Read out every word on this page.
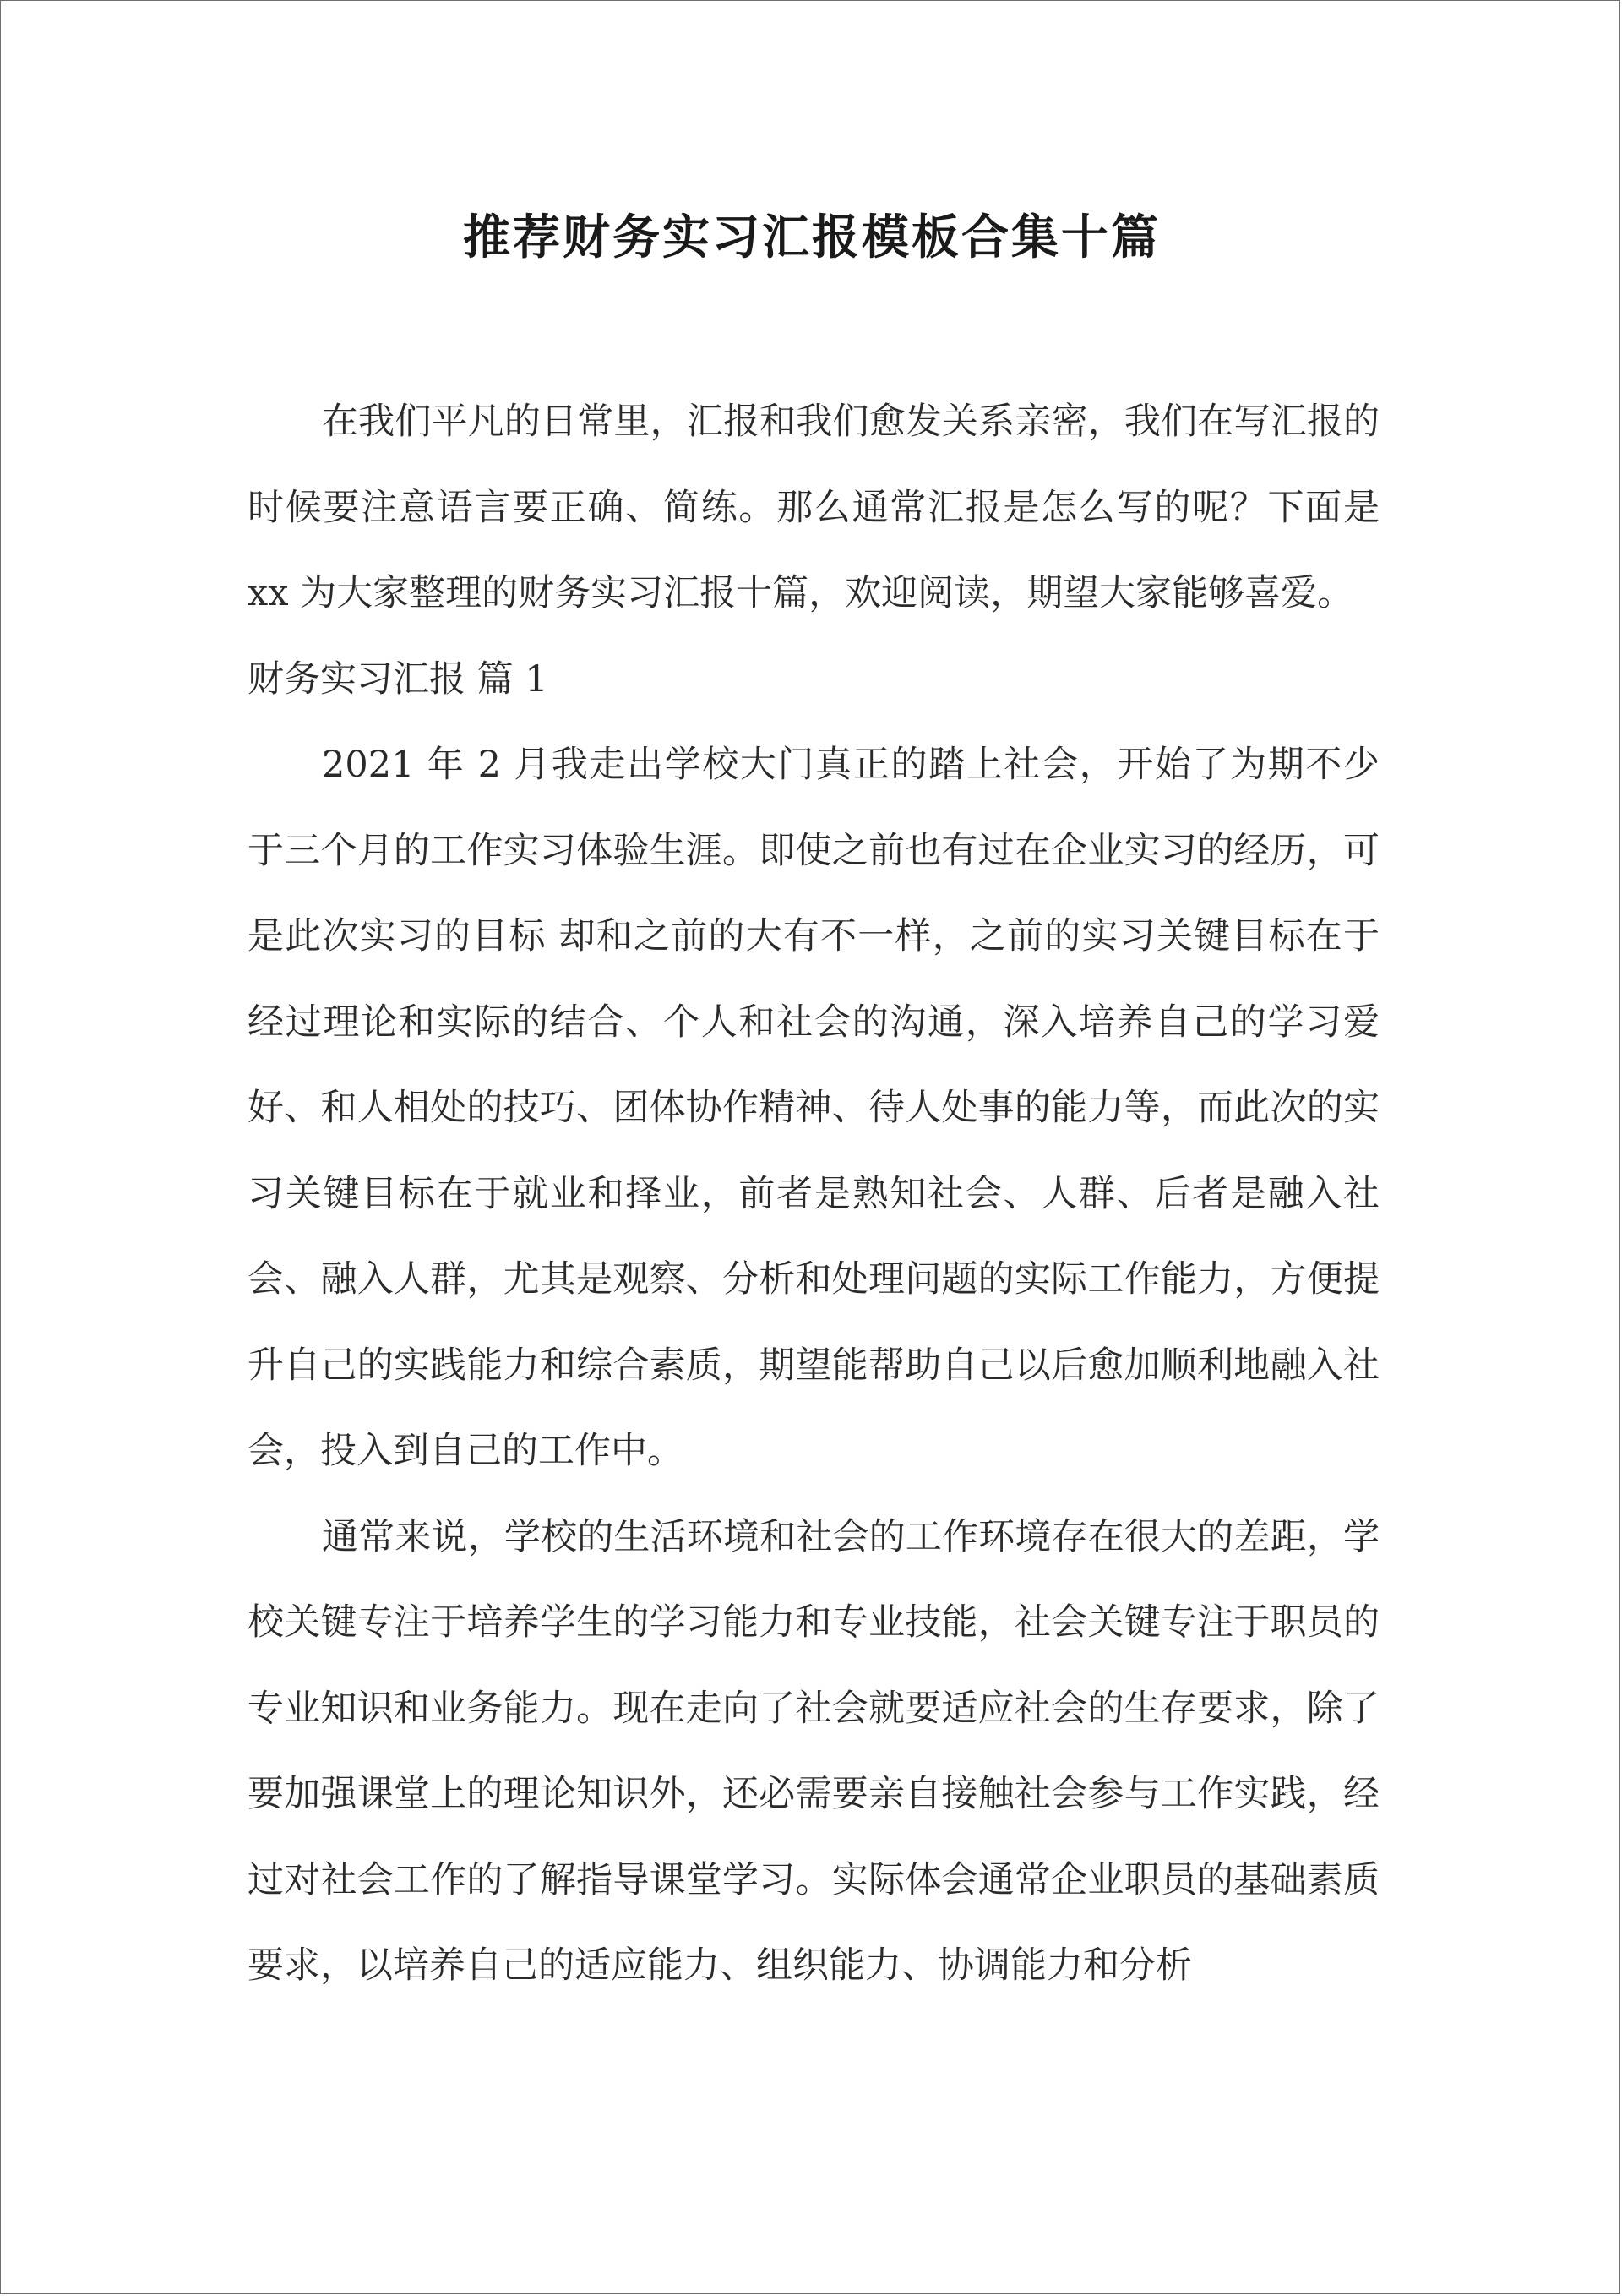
推荐财务实习汇报模板合集十篇

在我们平凡的日常里，汇报和我们愈发关系亲密，我们在写汇报的时候要注意语言要正确、简练。那么通常汇报是怎么写的呢？下面是 xx 为大家整理的财务实习汇报十篇，欢迎阅读，期望大家能够喜爱。

财务实习汇报 篇 1

2021 年 2 月我走出学校大门真正的踏上社会，开始了为期不少于三个月的工作实习体验生涯。即使之前也有过在企业实习的经历，可是此次实习的目标 却和之前的大有不一样，之前的实习关键目标在于经过理论和实际的结合、个人和社会的沟通，深入培养自己的学习爱好、和人相处的技巧、团体协作精神、待人处事的能力等，而此次的实习关键目标在于就业和择业，前者是熟知社会、人群、后者是融入社会、融入人群，尤其是观察、分析和处理问题的实际工作能力，方便提升自己的实践能力和综合素质，期望能帮助自己以后愈加顺利地融入社会，投入到自己的工作中。

通常来说，学校的生活环境和社会的工作环境存在很大的差距，学校关键专注于培养学生的学习能力和专业技能，社会关键专注于职员的专业知识和业务能力。现在走向了社会就要适应社会的生存要求，除了要加强课堂上的理论知识外，还必需要亲自接触社会参与工作实践，经过对社会工作的了解指导课堂学习。实际体会通常企业职员的基础素质要求，以培养自己的适应能力、组织能力、协调能力和分析
